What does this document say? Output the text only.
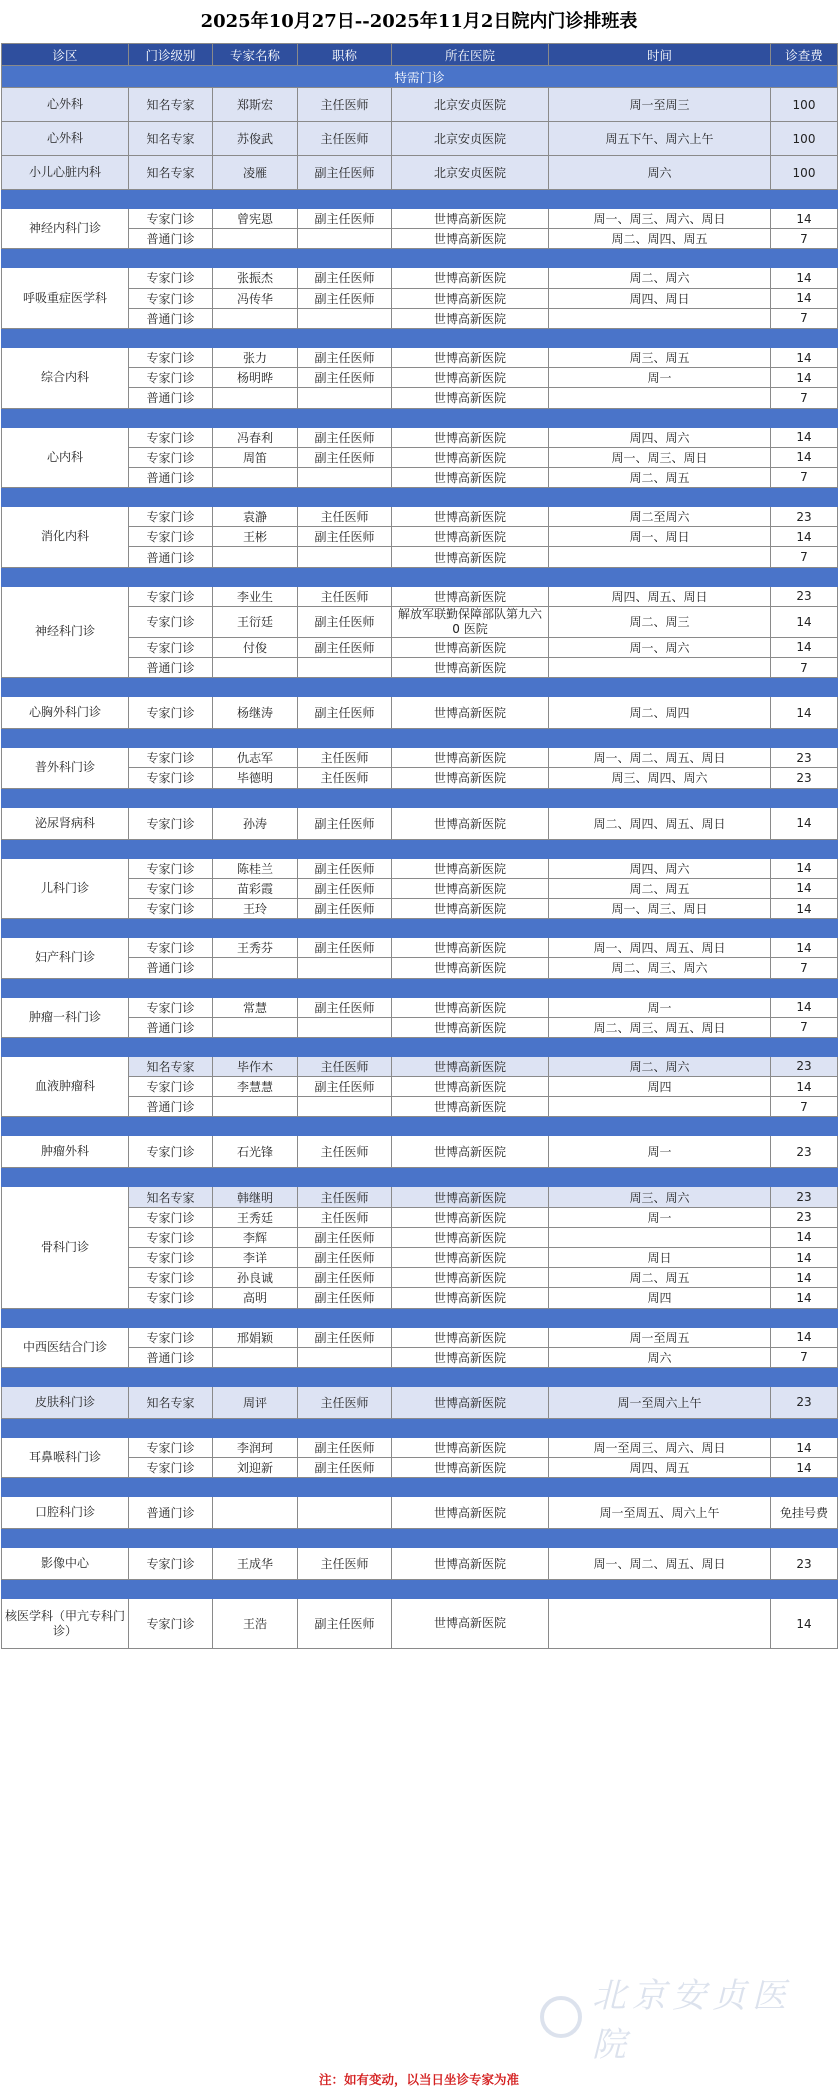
2025年10月27日--2025年11月2日院内门诊排班表
诊区	门诊级别	专家名称	职称	所在医院	时间	诊查费
特需门诊						
心外科	知名专家	郑斯宏	主任医师	北京安贞医院	周一至周三	100
心外科	知名专家	苏俊武	主任医师	北京安贞医院	周五下午、周六上午	100
小儿心脏内科	知名专家	凌雁	副主任医师	北京安贞医院	周六	100

神经内科门诊	专家门诊	曾宪恩	副主任医师	世博高新医院	周一、周三、周六、周日	14
	普通门诊			世博高新医院	周二、周四、周五	7

呼吸重症医学科	专家门诊	张振杰	副主任医师	世博高新医院	周二、周六	14
	专家门诊	冯传华	副主任医师	世博高新医院	周四、周日	14
	普通门诊			世博高新医院		7

综合内科	专家门诊	张力	副主任医师	世博高新医院	周三、周五	14
	专家门诊	杨明晔	副主任医师	世博高新医院	周一	14
	普通门诊			世博高新医院		7

心内科	专家门诊	冯春利	副主任医师	世博高新医院	周四、周六	14
	专家门诊	周笛	副主任医师	世博高新医院	周一、周三、周日	14
	普通门诊			世博高新医院	周二、周五	7

消化内科	专家门诊	袁瀞	主任医师	世博高新医院	周二至周六	23
	专家门诊	王彬	副主任医师	世博高新医院	周一、周日	14
	普通门诊			世博高新医院		7

神经科门诊	专家门诊	李业生	主任医师	世博高新医院	周四、周五、周日	23
	专家门诊	王衍廷	副主任医师	解放军联勤保障部队第九六 0 医院	周二、周三	14
	专家门诊	付俊	副主任医师	世博高新医院	周一、周六	14
	普通门诊			世博高新医院		7

心胸外科门诊	专家门诊	杨继涛	副主任医师	世博高新医院	周二、周四	14

普外科门诊	专家门诊	仇志军	主任医师	世博高新医院	周一、周二、周五、周日	23
	专家门诊	毕德明	主任医师	世博高新医院	周三、周四、周六	23

泌尿肾病科	专家门诊	孙涛	副主任医师	世博高新医院	周二、周四、周五、周日	14

儿科门诊	专家门诊	陈桂兰	副主任医师	世博高新医院	周四、周六	14
	专家门诊	苗彩霞	副主任医师	世博高新医院	周二、周五	14
	专家门诊	王玲	副主任医师	世博高新医院	周一、周三、周日	14

妇产科门诊	专家门诊	王秀芬	副主任医师	世博高新医院	周一、周四、周五、周日	14
	普通门诊			世博高新医院	周二、周三、周六	7

肿瘤一科门诊	专家门诊	常慧	副主任医师	世博高新医院	周一	14
	普通门诊			世博高新医院	周二、周三、周五、周日	7

血液肿瘤科	知名专家	毕作木	主任医师	世博高新医院	周二、周六	23
	专家门诊	李慧慧	副主任医师	世博高新医院	周四	14
	普通门诊			世博高新医院		7

肿瘤外科	专家门诊	石光锋	主任医师	世博高新医院	周一	23

骨科门诊	知名专家	韩继明	主任医师	世博高新医院	周三、周六	23
	专家门诊	王秀廷	主任医师	世博高新医院	周一	23
	专家门诊	李辉	副主任医师	世博高新医院		14
	专家门诊	李详	副主任医师	世博高新医院	周日	14
	专家门诊	孙良诚	副主任医师	世博高新医院	周二、周五	14
	专家门诊	高明	副主任医师	世博高新医院	周四	14

中西医结合门诊	专家门诊	邢娟颖	副主任医师	世博高新医院	周一至周五	14
	普通门诊			世博高新医院	周六	7

皮肤科门诊	知名专家	周评	主任医师	世博高新医院	周一至周六上午	23

耳鼻喉科门诊	专家门诊	李润珂	副主任医师	世博高新医院	周一至周三、周六、周日	14
	专家门诊	刘迎新	副主任医师	世博高新医院	周四、周五	14

口腔科门诊	普通门诊			世博高新医院	周一至周五、周六上午	免挂号费

影像中心	专家门诊	王成华	主任医师	世博高新医院	周一、周二、周五、周日	23

核医学科（甲亢专科门诊）	专家门诊	王浩	副主任医师	世博高新医院		14
北京安贞医院
注：如有变动，以当日坐诊专家为准
